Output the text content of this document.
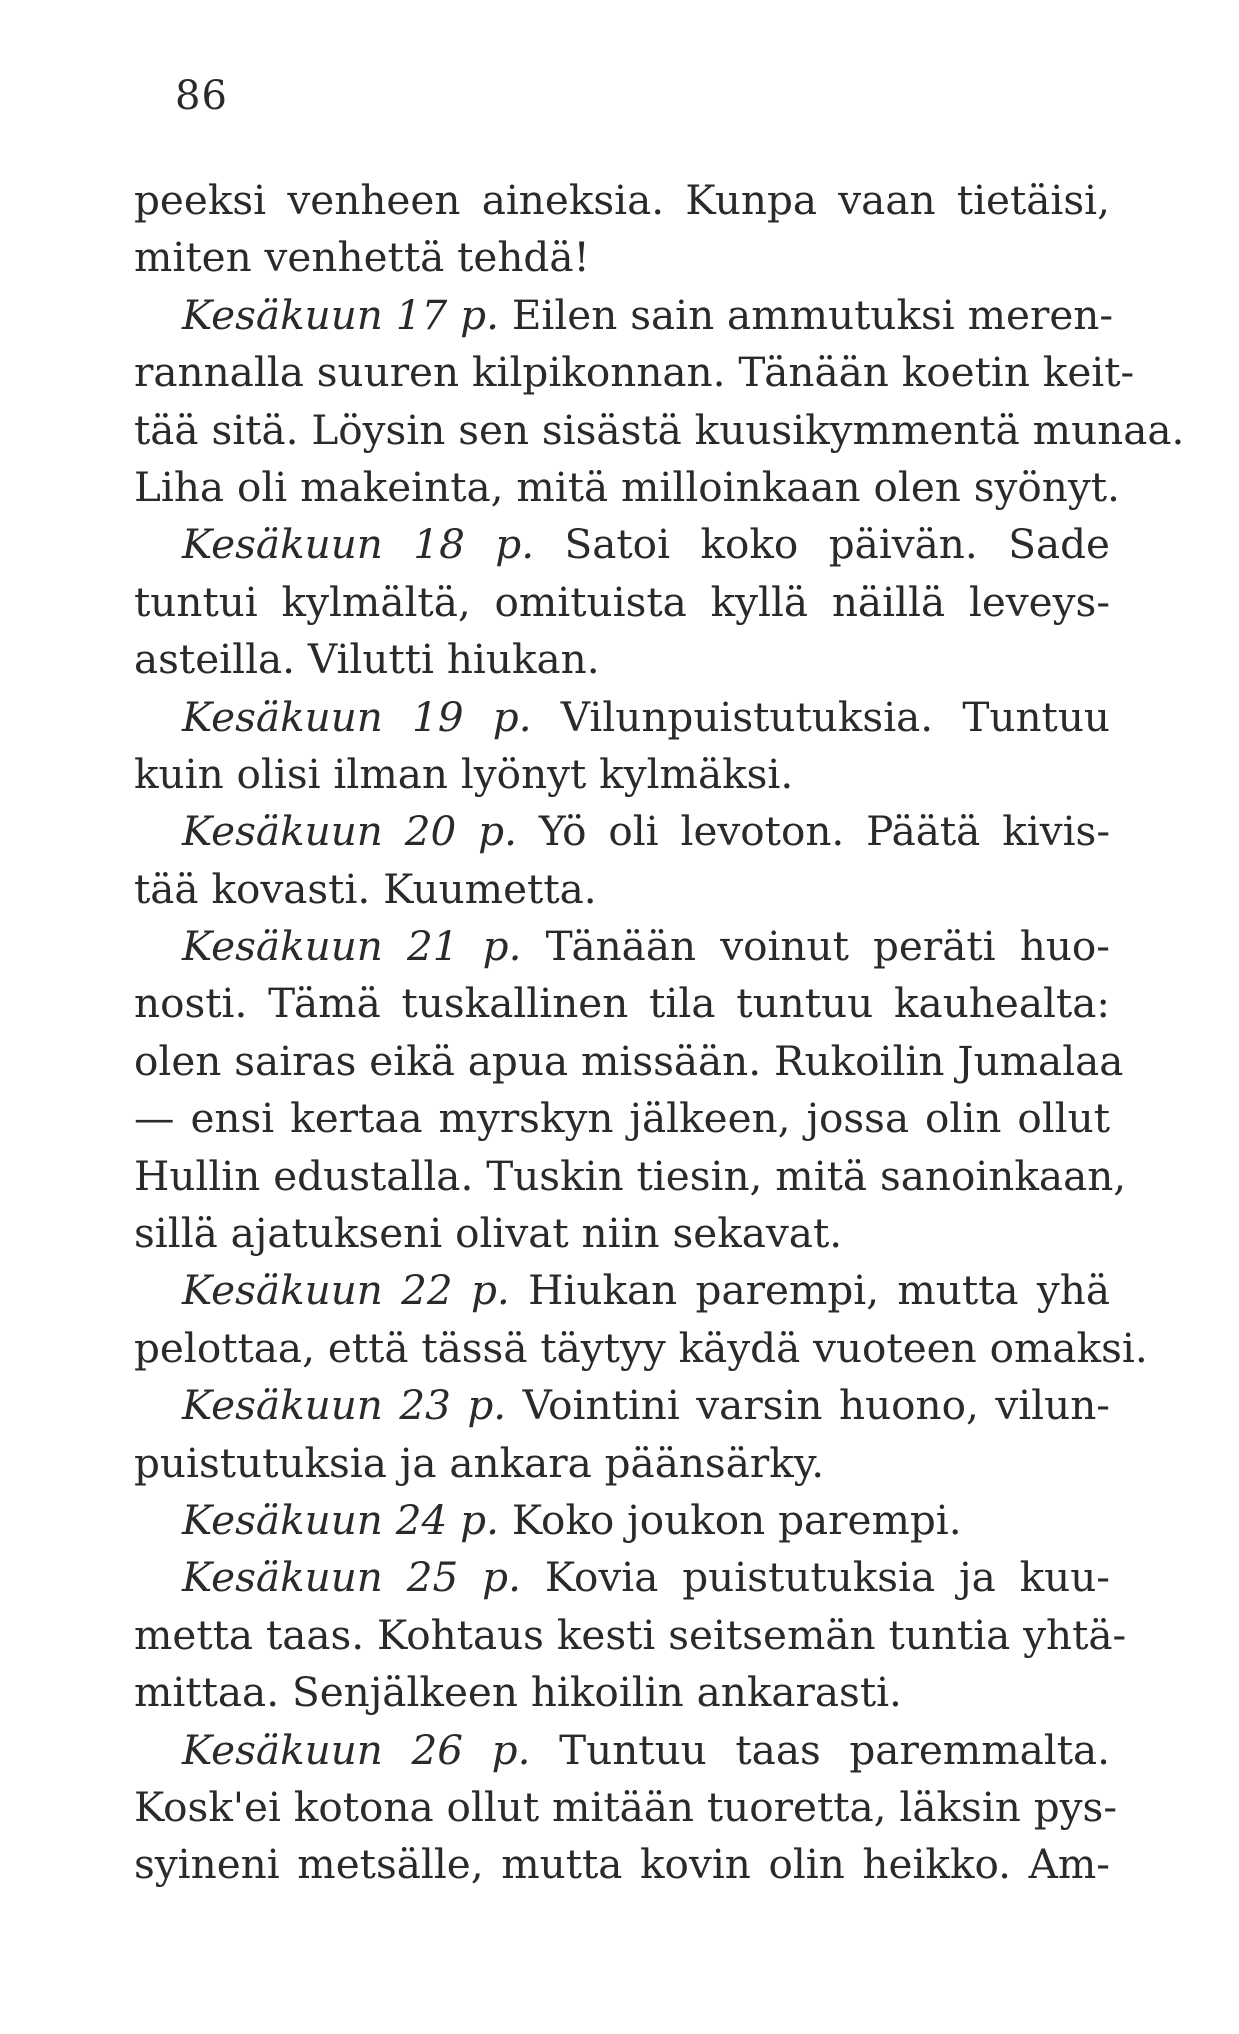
86
peeksi venheen aineksia. Kunpa vaan tietäisi,
miten venhettä tehdä!
Kesäkuun 17 p. Eilen sain ammutuksi meren-
rannalla suuren kilpikonnan. Tänään koetin keit-
tää sitä. Löysin sen sisästä kuusikymmentä munaa.
Liha oli makeinta, mitä milloinkaan olen syönyt.
Kesäkuun 18 p. Satoi koko päivän. Sade
tuntui kylmältä, omituista kyllä näillä leveys-
asteilla. Vilutti hiukan.
Kesäkuun 19 p. Vilunpuistutuksia. Tuntuu
kuin olisi ilman lyönyt kylmäksi.
Kesäkuun 20 p. Yö oli levoton. Päätä kivis-
tää kovasti. Kuumetta.
Kesäkuun 21 p. Tänään voinut peräti huo-
nosti. Tämä tuskallinen tila tuntuu kauhealta:
olen sairas eikä apua missään. Rukoilin Jumalaa
— ensi kertaa myrskyn jälkeen, jossa olin ollut
Hullin edustalla. Tuskin tiesin, mitä sanoinkaan,
sillä ajatukseni olivat niin sekavat.
Kesäkuun 22 p. Hiukan parempi, mutta yhä
pelottaa, että tässä täytyy käydä vuoteen omaksi.
Kesäkuun 23 p. Vointini varsin huono, vilun-
puistutuksia ja ankara päänsärky.
Kesäkuun 24 p. Koko joukon parempi.
Kesäkuun 25 p. Kovia puistutuksia ja kuu-
metta taas. Kohtaus kesti seitsemän tuntia yhtä-
mittaa. Senjälkeen hikoilin ankarasti.
Kesäkuun 26 p. Tuntuu taas paremmalta.
Kosk'ei kotona ollut mitään tuoretta, läksin pys-
syineni metsälle, mutta kovin olin heikko. Am-
